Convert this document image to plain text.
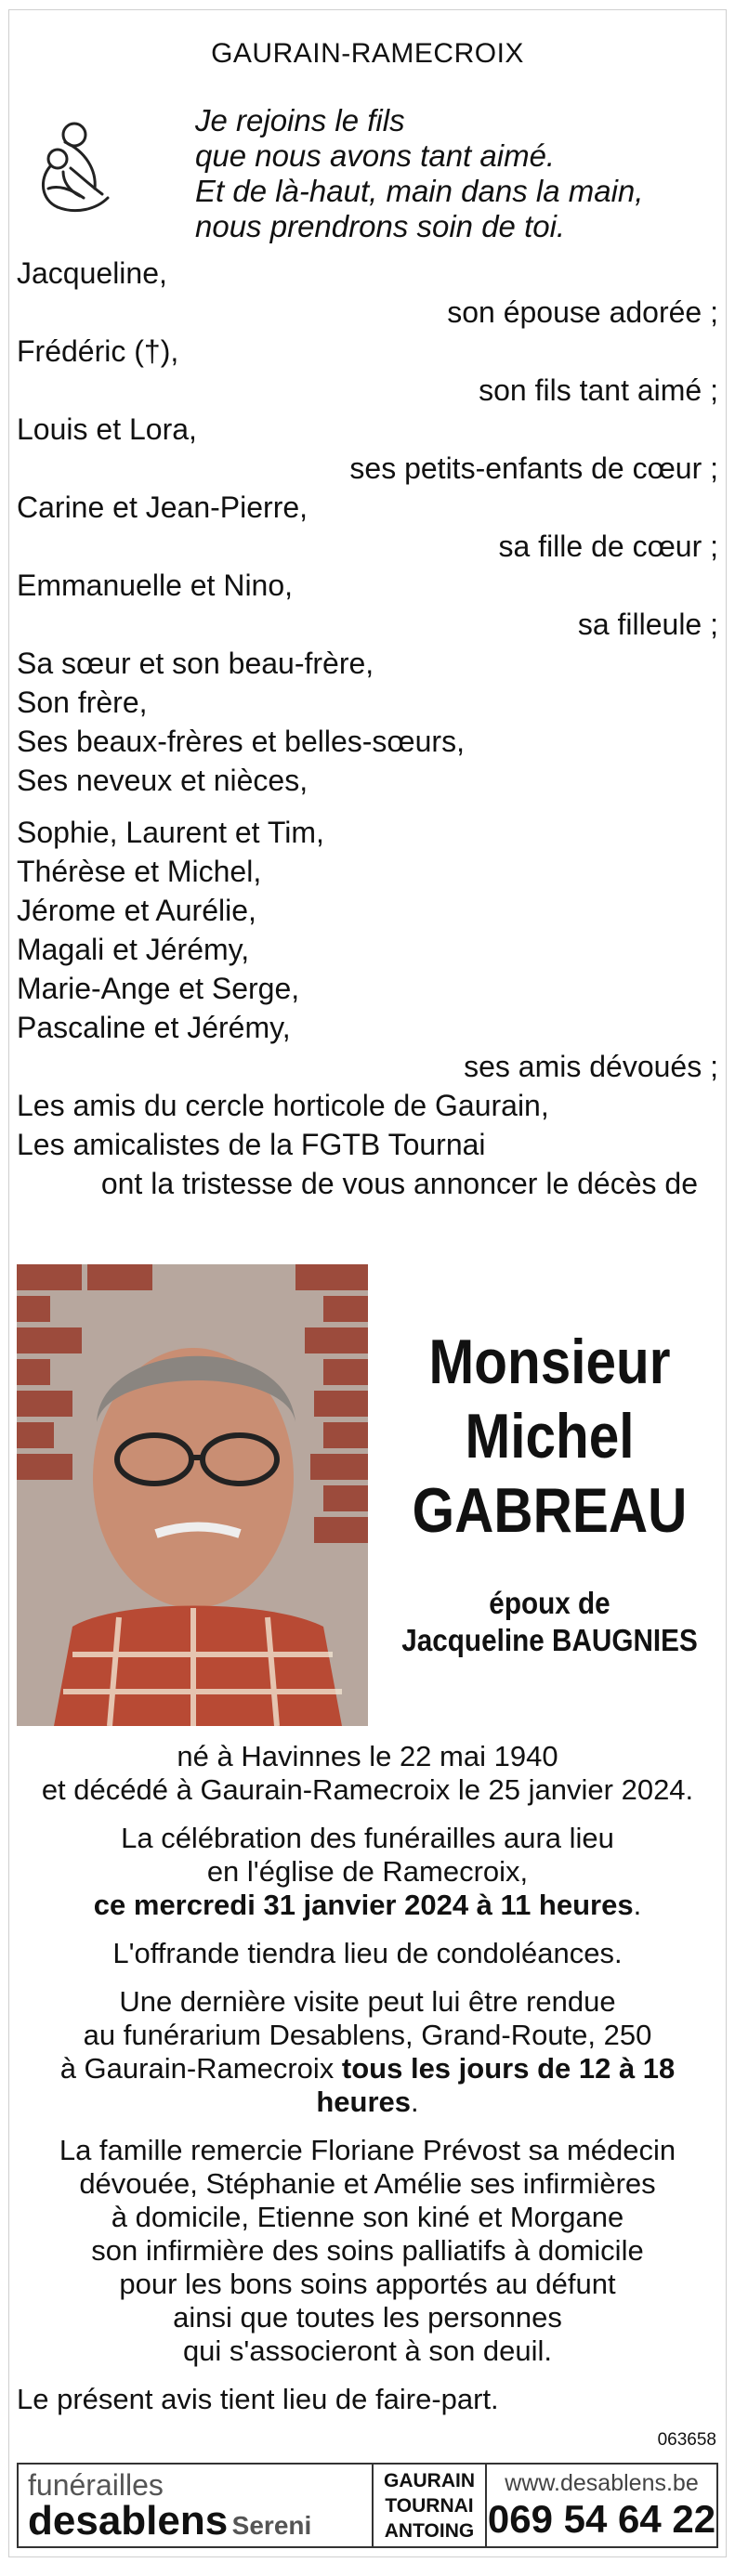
GAURAIN-RAMECROIX
Je rejoins le fils
que nous avons tant aimé.
Et de là-haut, main dans la main,
nous prendrons soin de toi.
Jacqueline,
son épouse adorée ;
Frédéric (†),
son fils tant aimé ;
Louis et Lora,
ses petits-enfants de cœur ;
Carine et Jean-Pierre,
sa fille de cœur ;
Emmanuelle et Nino,
sa filleule ;
Sa sœur et son beau-frère,
Son frère,
Ses beaux-frères et belles-sœurs,
Ses neveux et nièces,
Sophie, Laurent et Tim,
Thérèse et Michel,
Jérome et Aurélie,
Magali et Jérémy,
Marie-Ange et Serge,
Pascaline et Jérémy,
ses amis dévoués ;
Les amis du cercle horticole de Gaurain,
Les amicalistes de la FGTB Tournai
ont la tristesse de vous annoncer le décès de
Monsieur
Michel
GABREAU
époux de
Jacqueline BAUGNIES

né à Havinnes le 22 mai 1940
et décédé à Gaurain-Ramecroix le 25 janvier 2024.

La célébration des funérailles aura lieu
en l'église de Ramecroix,
ce mercredi 31 janvier 2024 à 11 heures.

L'offrande tiendra lieu de condoléances.

Une dernière visite peut lui être rendue
au funérarium Desablens, Grand-Route, 250
à Gaurain-Ramecroix tous les jours de 12 à 18 heures.

La famille remercie Floriane Prévost sa médecin
dévouée, Stéphanie et Amélie ses infirmières
à domicile, Etienne son kiné et Morgane
son infirmière des soins palliatifs à domicile
pour les bons soins apportés au défunt
ainsi que toutes les personnes
qui s'associeront à son deuil.

Le présent avis tient lieu de faire-part.

063658
funérailles
desablens Sereni
GAURAIN
TOURNAI
ANTOING
www.desablens.be
069 54 64 22
